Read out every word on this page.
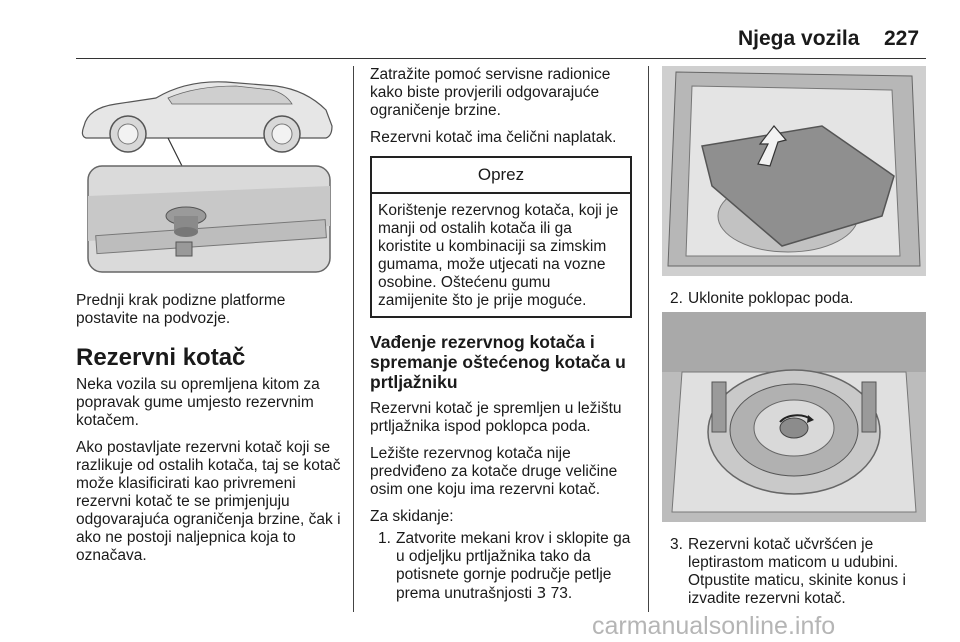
Njega vozila 227

Prednji krak podizne platforme postavite na podvozje.

Rezervni kotač

Neka vozila su opremljena kitom za popravak gume umjesto rezervnim kotačem.

Ako postavljate rezervni kotač koji se razlikuje od ostalih kotača, taj se kotač može klasificirati kao privremeni rezervni kotač te se primjenjuju odgovarajuća ograničenja brzine, čak i ako ne postoji naljepnica koja to označava.

Zatražite pomoć servisne radionice kako biste provjerili odgovarajuće ograničenje brzine.

Rezervni kotač ima čelični naplatak.

Oprez
Korištenje rezervnog kotača, koji je manji od ostalih kotača ili ga koristite u kombinaciji sa zimskim gumama, može utjecati na vozne osobine. Oštećenu gumu zamijenite što je prije moguće.
Vađenje rezervnog kotača i spremanje oštećenog kotača u prtljažniku

Rezervni kotač je spremljen u ležištu prtljažnika ispod poklopca poda.

Ležište rezervnog kotača nije predviđeno za kotače druge veličine osim one koju ima rezervni kotač.

Za skidanje:

1. Zatvorite mekani krov i sklopite ga u odjeljku prtljažnika tako da potisnete gornje područje petlje prema unutrašnjosti 3 73.
2. Uklonite poklopac poda.
3. Rezervni kotač učvršćen je leptirastom maticom u udubini. Otpustite maticu, skinite konus i izvadite rezervni kotač.
carmanualsonline.info
